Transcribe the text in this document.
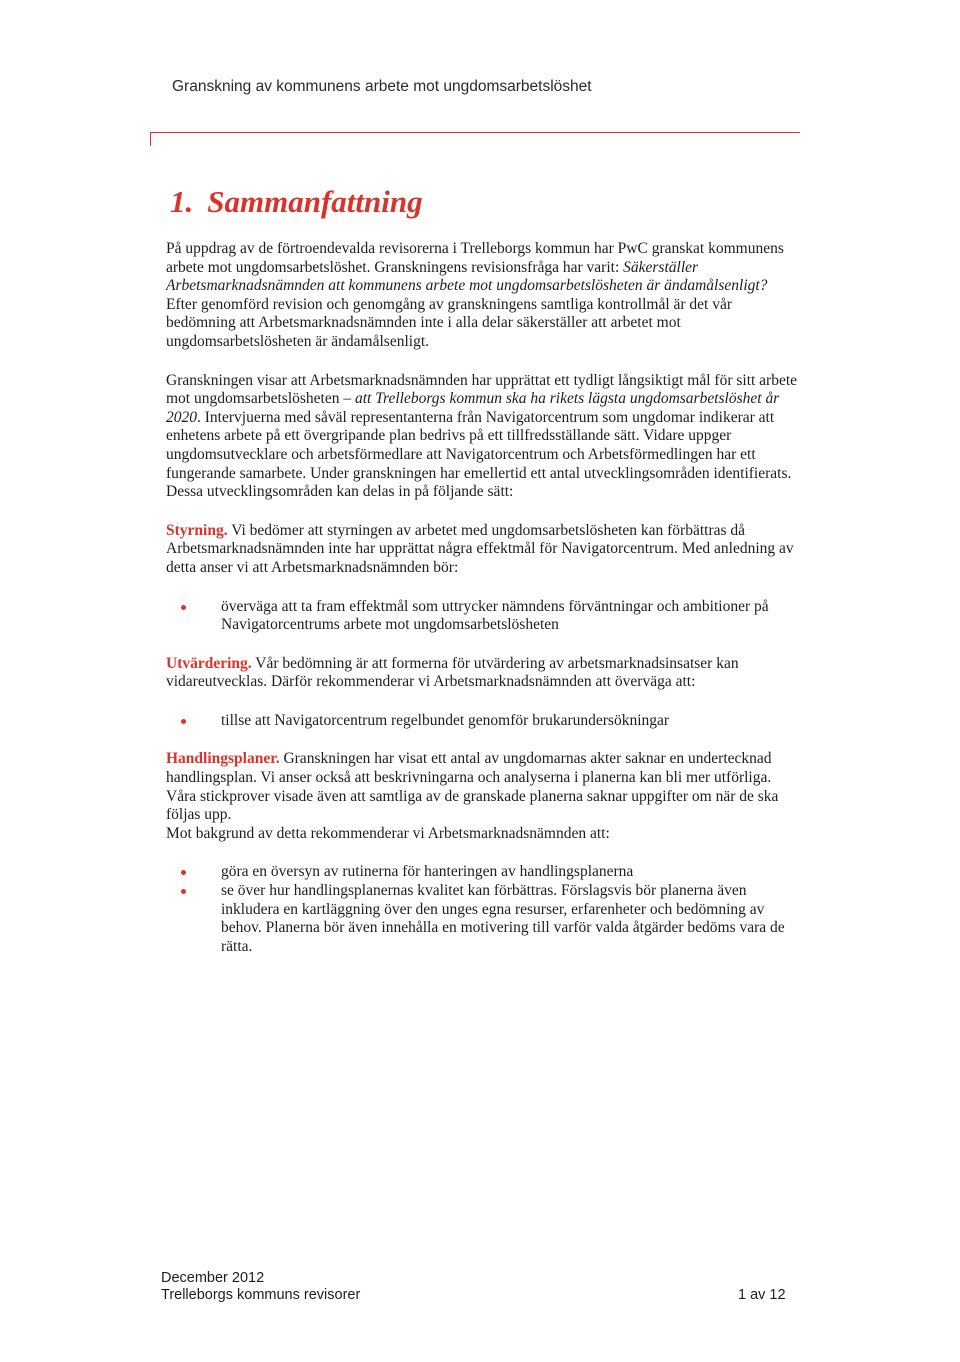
Granskning av kommunens arbete mot ungdomsarbetslöshet
1. Sammanfattning

På uppdrag av de förtroendevalda revisorerna i Trelleborgs kommun har PwC granskat kommunens arbete mot ungdomsarbetslöshet. Granskningens revisionsfråga har varit: Säkerställer Arbetsmarknadsnämnden att kommunens arbete mot ungdomsarbetslösheten är ändamålsenligt? Efter genomförd revision och genomgång av granskningens samtliga kontrollmål är det vår bedömning att Arbetsmarknadsnämnden inte i alla delar säkerställer att arbetet mot ungdomsarbetslösheten är ändamålsenligt.

Granskningen visar att Arbetsmarknadsnämnden har upprättat ett tydligt långsiktigt mål för sitt arbete mot ungdomsarbetslösheten – att Trelleborgs kommun ska ha rikets lägsta ungdomsarbetslöshet år 2020. Intervjuerna med såväl representanterna från Navigatorcentrum som ungdomar indikerar att enhetens arbete på ett övergripande plan bedrivs på ett tillfredsställande sätt. Vidare uppger ungdomsutvecklare och arbetsförmedlare att Navigatorcentrum och Arbetsförmedlingen har ett fungerande samarbete. Under granskningen har emellertid ett antal utvecklingsområden identifierats. Dessa utvecklingsområden kan delas in på följande sätt:

Styrning. Vi bedömer att styrningen av arbetet med ungdomsarbetslösheten kan förbättras då Arbetsmarknadsnämnden inte har upprättat några effektmål för Navigatorcentrum. Med anledning av detta anser vi att Arbetsmarknadsnämnden bör:

överväga att ta fram effektmål som uttrycker nämndens förväntningar och ambitioner på Navigatorcentrums arbete mot ungdomsarbetslösheten

Utvärdering. Vår bedömning är att formerna för utvärdering av arbetsmarknadsinsatser kan vidareutvecklas. Därför rekommenderar vi Arbetsmarknadsnämnden att överväga att:

tillse att Navigatorcentrum regelbundet genomför brukarundersökningar

Handlingsplaner. Granskningen har visat ett antal av ungdomarnas akter saknar en undertecknad handlingsplan. Vi anser också att beskrivningarna och analyserna i planerna kan bli mer utförliga. Våra stickprover visade även att samtliga av de granskade planerna saknar uppgifter om när de ska följas upp.

Mot bakgrund av detta rekommenderar vi Arbetsmarknadsnämnden att:

göra en översyn av rutinerna för hanteringen av handlingsplanerna
se över hur handlingsplanernas kvalitet kan förbättras. Förslagsvis bör planerna även inkludera en kartläggning över den unges egna resurser, erfarenheter och bedömning av behov. Planerna bör även innehålla en motivering till varför valda åtgärder bedöms vara de rätta.
December 2012
Trelleborgs kommuns revisorer	1 av 12
